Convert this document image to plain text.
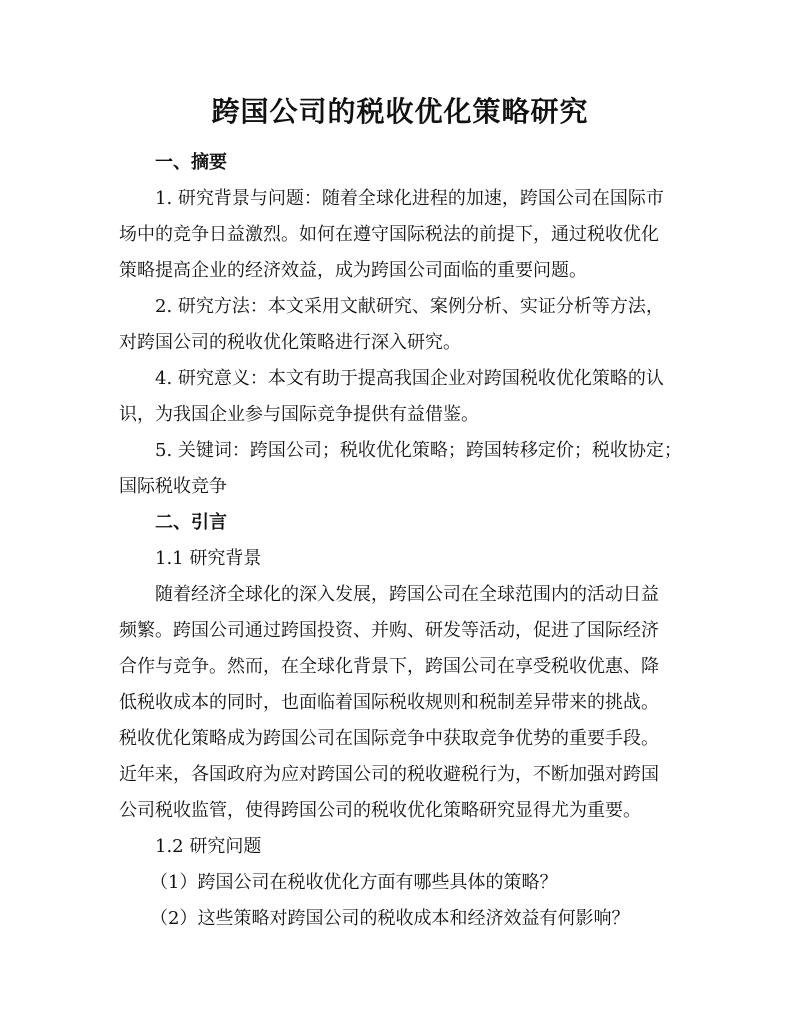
跨国公司的税收优化策略研究
一、摘要
1. 研究背景与问题：随着全球化进程的加速，跨国公司在国际市
场中的竞争日益激烈。如何在遵守国际税法的前提下，通过税收优化
策略提高企业的经济效益，成为跨国公司面临的重要问题。
2. 研究方法：本文采用文献研究、案例分析、实证分析等方法，
对跨国公司的税收优化策略进行深入研究。
4. 研究意义：本文有助于提高我国企业对跨国税收优化策略的认
识，为我国企业参与国际竞争提供有益借鉴。
5. 关键词：跨国公司；税收优化策略；跨国转移定价；税收协定；
国际税收竞争
二、引言
1.1 研究背景
随着经济全球化的深入发展，跨国公司在全球范围内的活动日益
频繁。跨国公司通过跨国投资、并购、研发等活动，促进了国际经济
合作与竞争。然而，在全球化背景下，跨国公司在享受税收优惠、降
低税收成本的同时，也面临着国际税收规则和税制差异带来的挑战。
税收优化策略成为跨国公司在国际竞争中获取竞争优势的重要手段。
近年来，各国政府为应对跨国公司的税收避税行为，不断加强对跨国
公司税收监管，使得跨国公司的税收优化策略研究显得尤为重要。
1.2 研究问题
（1）跨国公司在税收优化方面有哪些具体的策略？
（2）这些策略对跨国公司的税收成本和经济效益有何影响？
